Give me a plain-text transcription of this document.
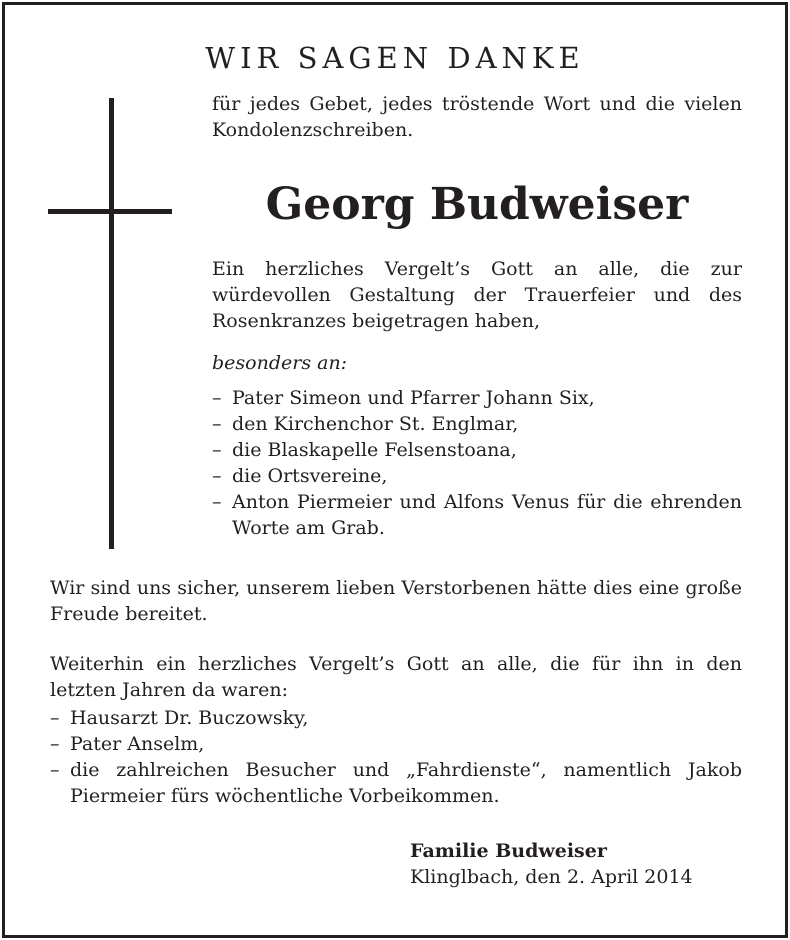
WIR SAGEN DANKE
für jedes Gebet, jedes tröstende Wort und die vielen Kondolenzschreiben.
Georg Budweiser
Ein herzliches Vergelt’s Gott an alle, die zur würdevollen Gestaltung der Trauerfeier und des Rosenkranzes beigetragen haben,
besonders an:
– Pater Simeon und Pfarrer Johann Six,
– den Kirchenchor St. Englmar,
– die Blaskapelle Felsenstoana,
– die Ortsvereine,
– Anton Piermeier und Alfons Venus für die ehrenden Worte am Grab.
Wir sind uns sicher, unserem lieben Verstorbenen hätte dies eine große Freude bereitet.
Weiterhin ein herzliches Vergelt’s Gott an alle, die für ihn in den letzten Jahren da waren:
– Hausarzt Dr. Buczowsky,
– Pater Anselm,
– die zahlreichen Besucher und „Fahrdienste“, namentlich Jakob Piermeier fürs wöchentliche Vorbeikommen.
Familie Budweiser
Klinglbach, den 2. April 2014
